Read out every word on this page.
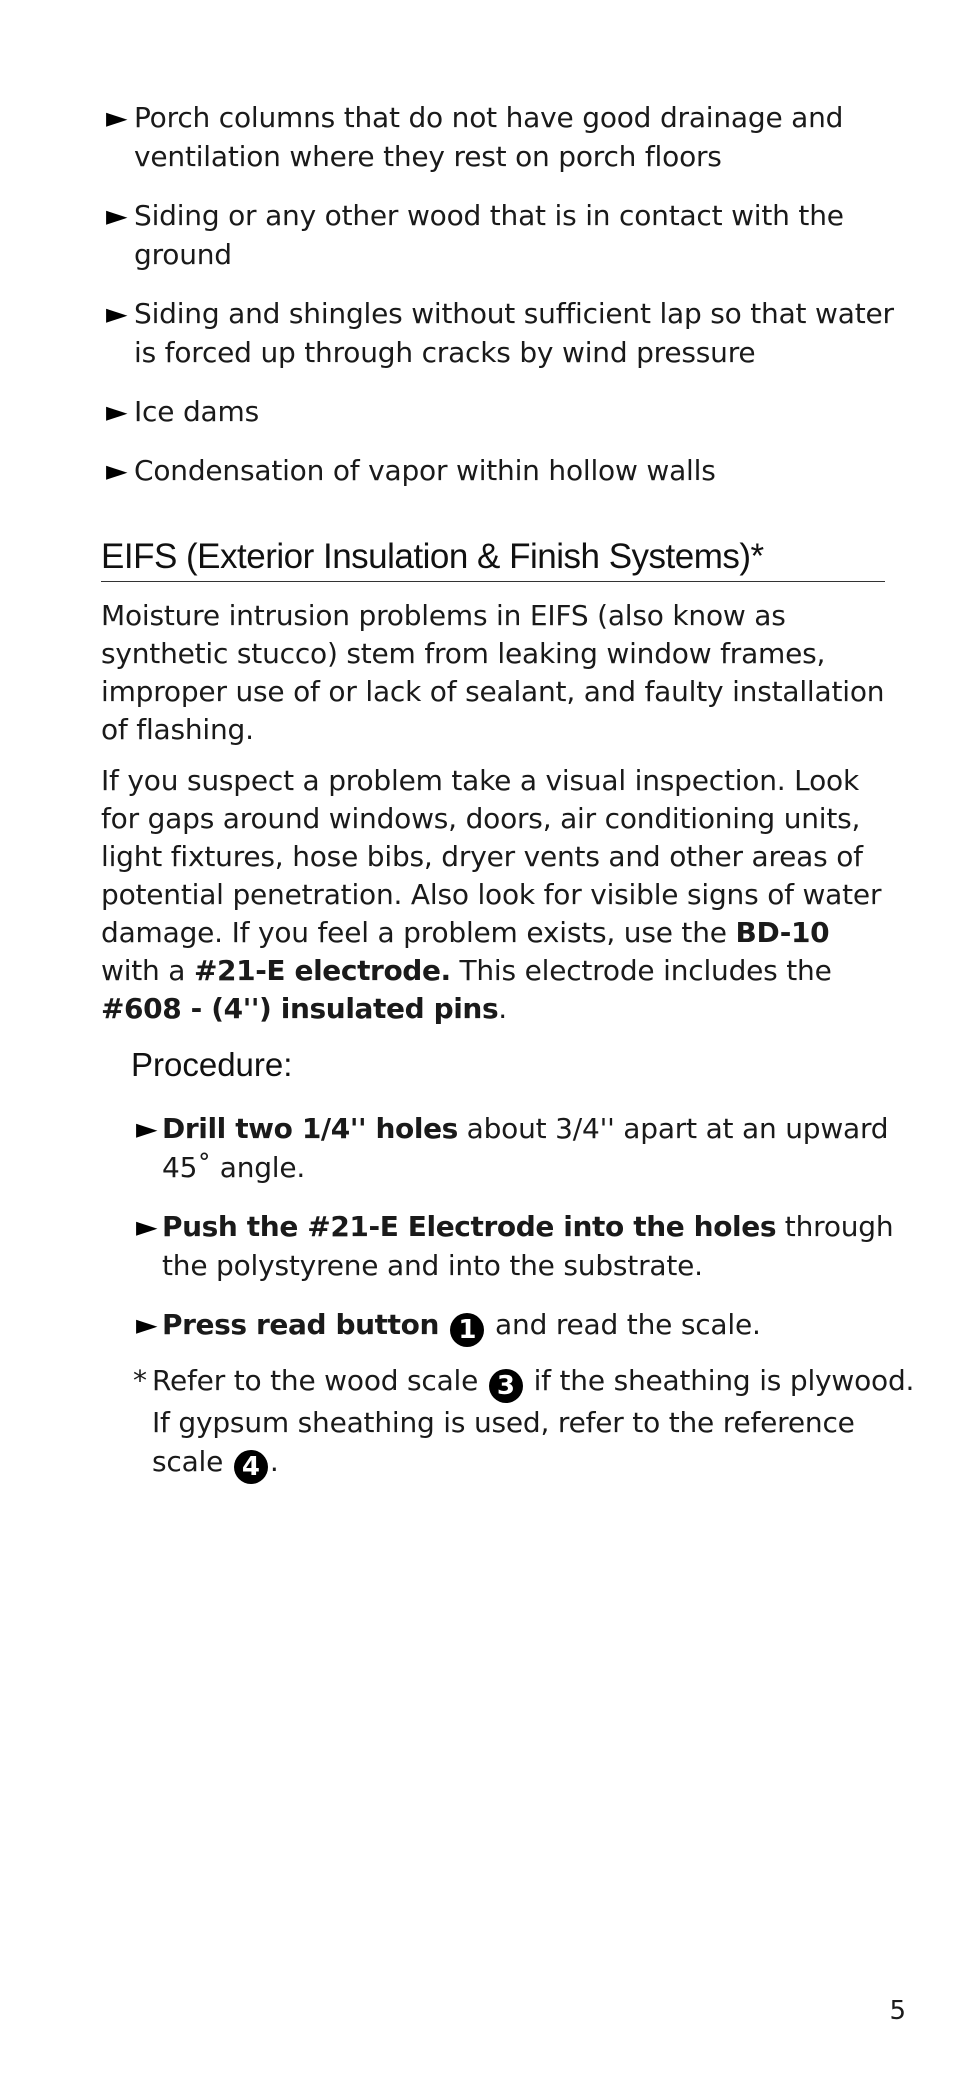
► Porch columns that do not have good drainage and ventilation where they rest on porch floors
► Siding or any other wood that is in contact with the ground
► Siding and shingles without sufficient lap so that water is forced up through cracks by wind pressure
► Ice dams
► Condensation of vapor within hollow walls
EIFS (Exterior Insulation & Finish Systems)*

Moisture intrusion problems in EIFS (also know as synthetic stucco) stem from leaking window frames, improper use of or lack of sealant, and faulty installation of flashing.

If you suspect a problem take a visual inspection. Look for gaps around windows, doors, air conditioning units, light fixtures, hose bibs, dryer vents and other areas of potential penetration. Also look for visible signs of water damage. If you feel a problem exists, use the BD-10 with a #21-E electrode. This electrode includes the #608 - (4'') insulated pins.

Procedure:
► Drill two 1/4'' holes about 3/4'' apart at an upward 45˚ angle.
► Push the #21-E Electrode into the holes through the polystyrene and into the substrate.
► Press read button 1 and read the scale.

* Refer to the wood scale 3 if the sheathing is plywood. If gypsum sheathing is used, refer to the reference scale 4 .

5
